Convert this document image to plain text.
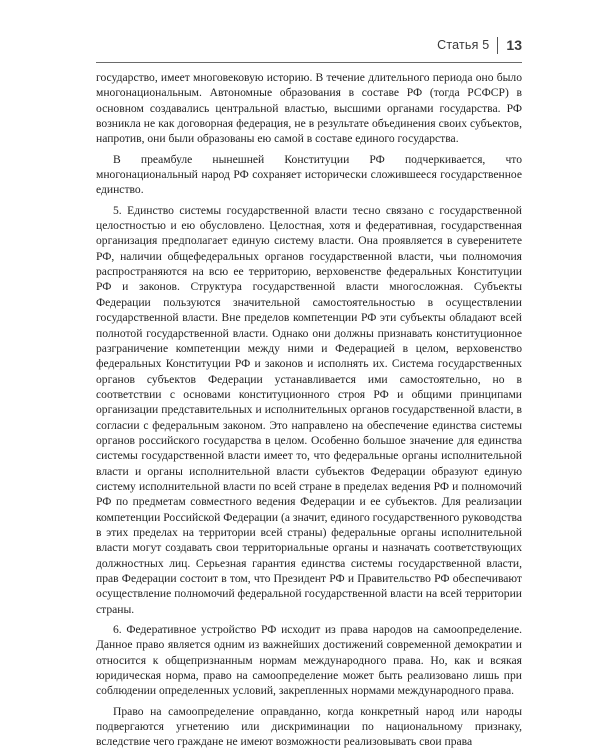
Статья 5 13

государство, имеет многовековую историю. В течение длительного периода оно было многонациональным. Автономные образования в составе РФ (тогда РСФСР) в основном создавались центральной властью, высшими органами государства. РФ возникла не как договорная федерация, не в результате объединения своих субъектов, напротив, они были образованы ею самой в составе единого государства.

В преамбуле нынешней Конституции РФ подчеркивается, что многонациональный народ РФ сохраняет исторически сложившееся государственное единство.

5. Единство системы государственной власти тесно связано с государственной целостностью и ею обусловлено. Целостная, хотя и федеративная, государственная организация предполагает единую систему власти. Она проявляется в суверенитете РФ, наличии общефедеральных органов государственной власти, чьи полномочия распространяются на всю ее территорию, верховенстве федеральных Конституции РФ и законов. Структура государственной власти многосложная. Субъекты Федерации пользуются значительной самостоятельностью в осуществлении государственной власти. Вне пределов компетенции РФ эти субъекты обладают всей полнотой государственной власти. Однако они должны признавать конституционное разграничение компетенции между ними и Федерацией в целом, верховенство федеральных Конституции РФ и законов и исполнять их. Система государственных органов субъектов Федерации устанавливается ими самостоятельно, но в соответствии с основами конституционного строя РФ и общими принципами организации представительных и исполнительных органов государственной власти, в согласии с федеральным законом. Это направлено на обеспечение единства системы органов российского государства в целом. Особенно большое значение для единства системы государственной власти имеет то, что федеральные органы исполнительной власти и органы исполнительной власти субъектов Федерации образуют единую систему исполнительной власти по всей стране в пределах ведения РФ и полномочий РФ по предметам совместного ведения Федерации и ее субъектов. Для реализации компетенции Российской Федерации (а значит, единого государственного руководства в этих пределах на территории всей страны) федеральные органы исполнительной власти могут создавать свои территориальные органы и назначать соответствующих должностных лиц. Серьезная гарантия единства системы государственной власти, прав Федерации состоит в том, что Президент РФ и Правительство РФ обеспечивают осуществление полномочий федеральной государственной власти на всей территории страны.

6. Федеративное устройство РФ исходит из права народов на самоопределение. Данное право является одним из важнейших достижений современной демократии и относится к общепризнанным нормам международного права. Но, как и всякая юридическая норма, право на самоопределение может быть реализовано лишь при соблюдении определенных условий, закрепленных нормами международного права.

Право на самоопределение оправданно, когда конкретный народ или народы подвергаются угнетению или дискриминации по национальному признаку, вследствие чего граждане не имеют возможности реализовывать свои права
